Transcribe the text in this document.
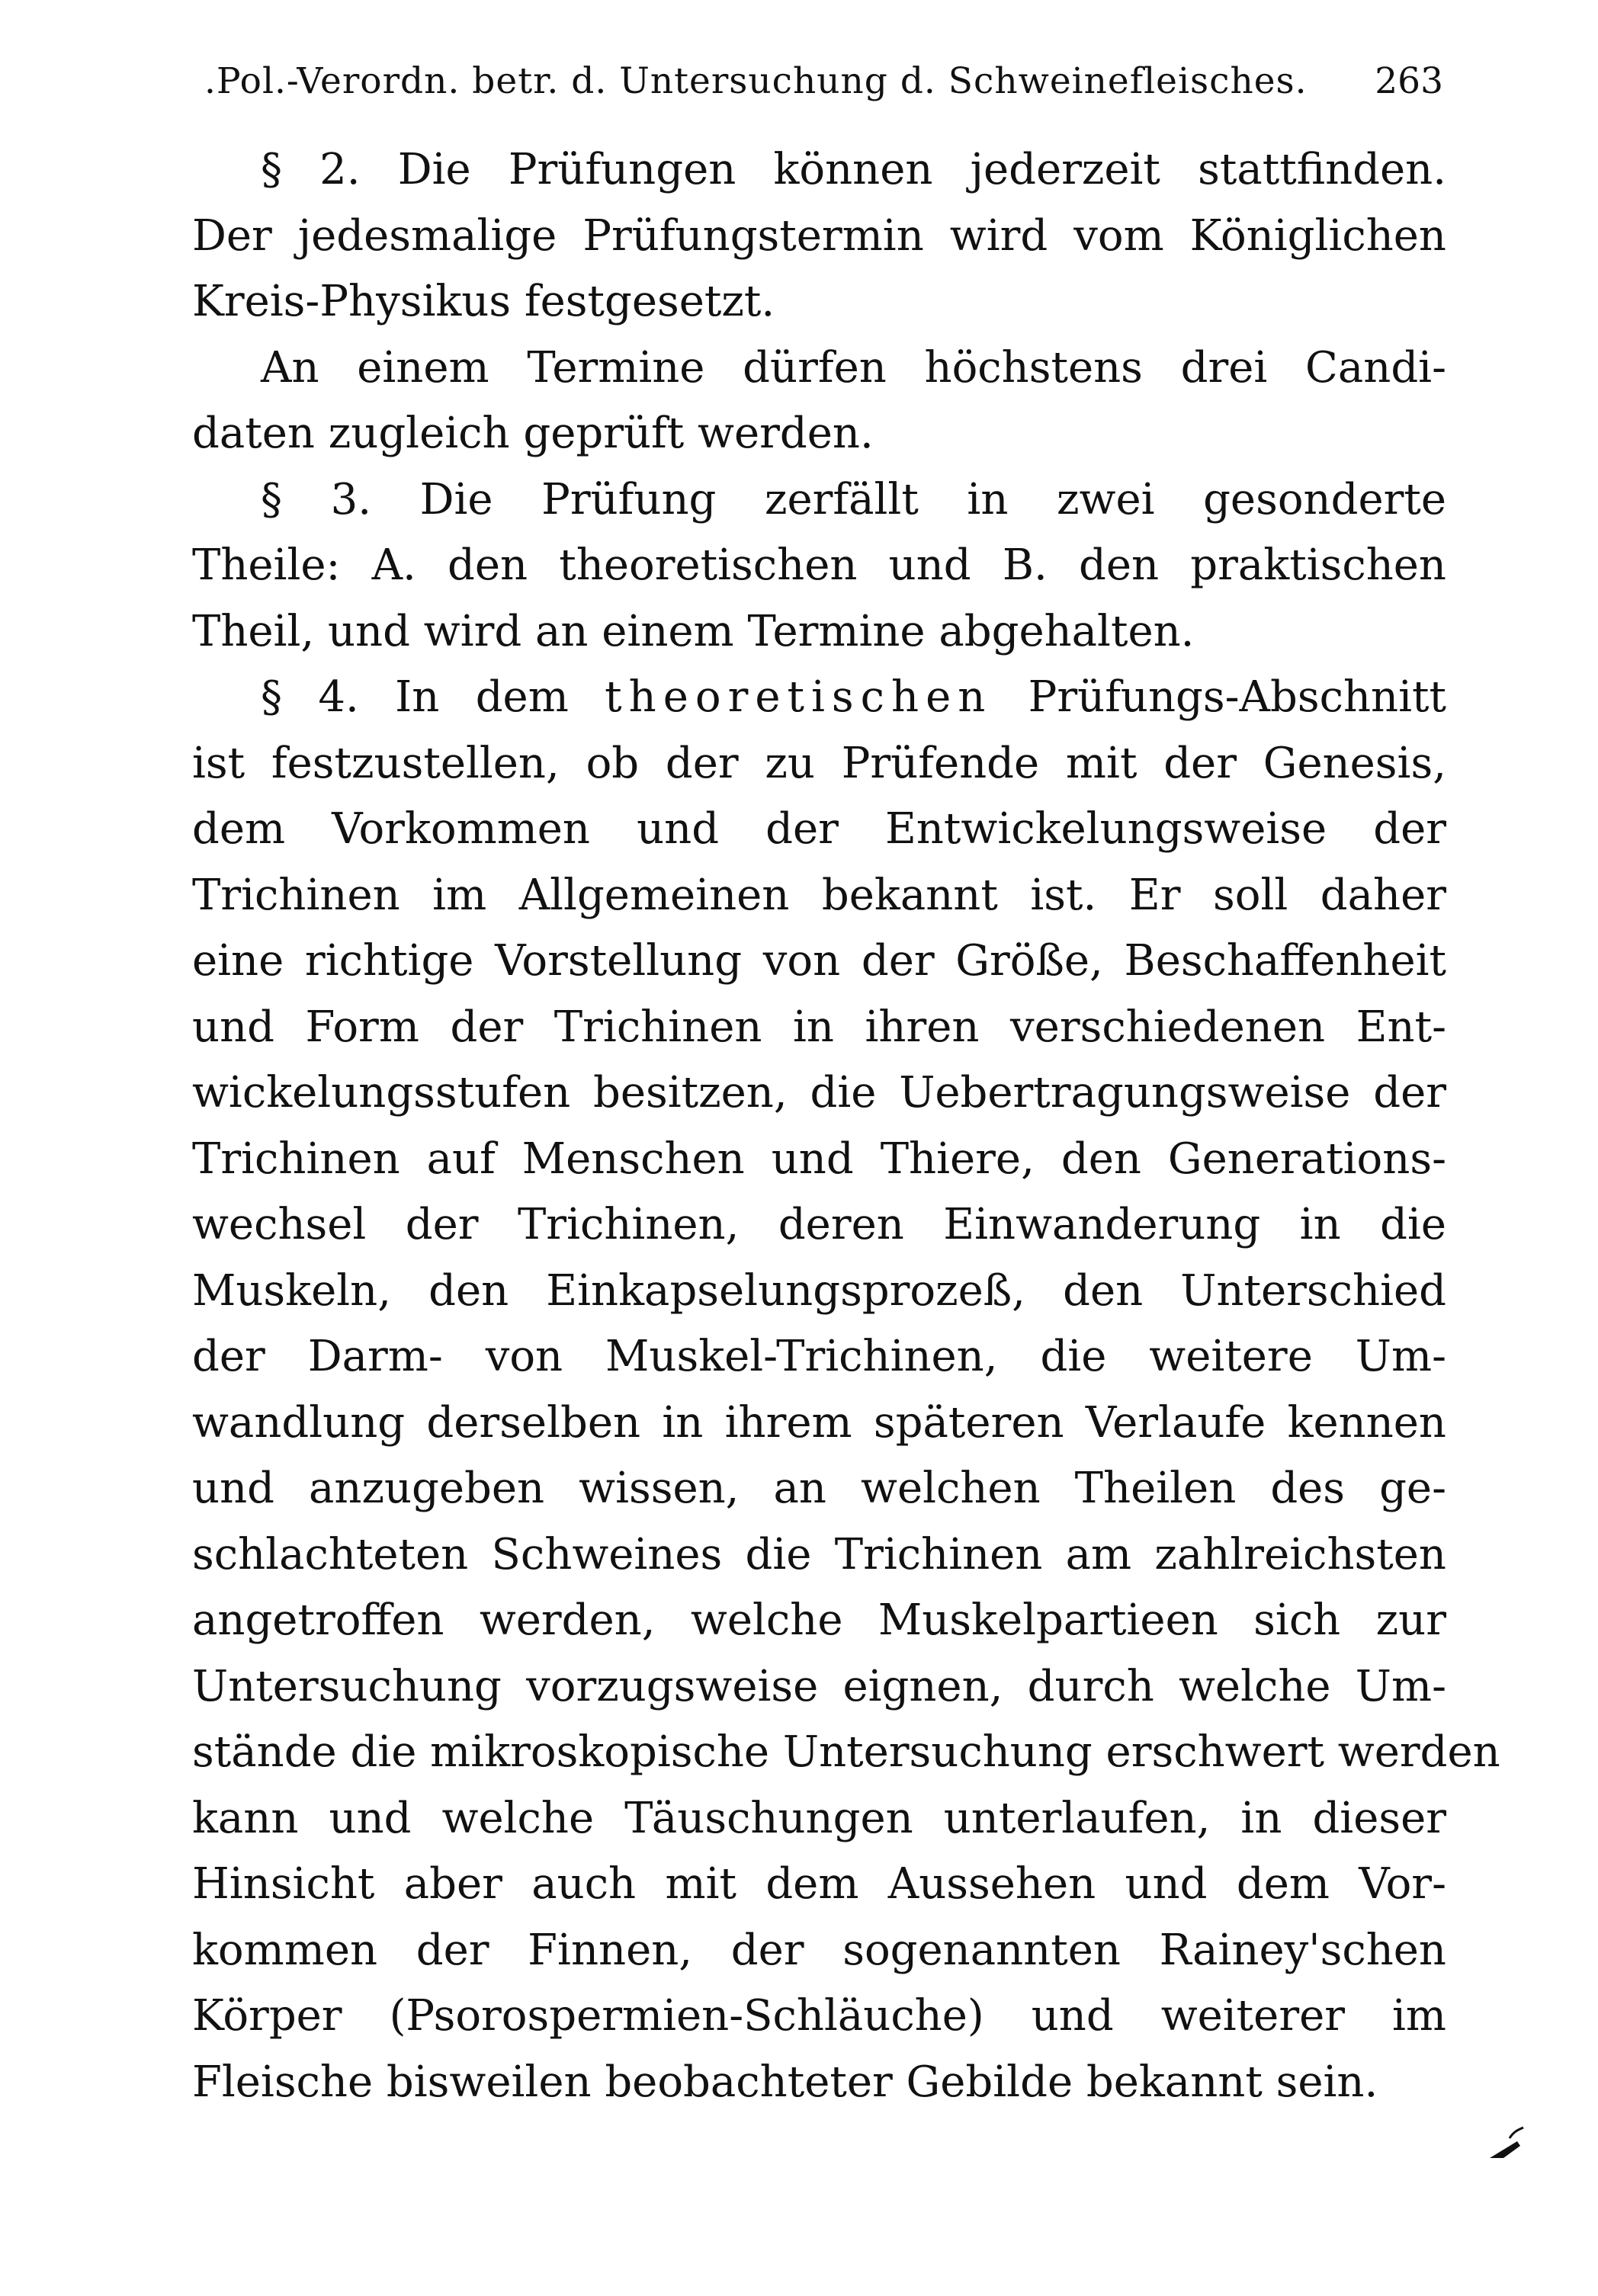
.Pol.-Verordn. betr. d. Untersuchung d. Schweinefleisches. 263
§ 2. Die Prüfungen können jederzeit stattfinden.
Der jedesmalige Prüfungstermin wird vom Königlichen
Kreis-Physikus festgesetzt.
An einem Termine dürfen höchstens drei Candi-
daten zugleich geprüft werden.
§ 3. Die Prüfung zerfällt in zwei gesonderte
Theile: A. den theoretischen und B. den praktischen
Theil, und wird an einem Termine abgehalten.
§ 4. In dem theoretischen Prüfungs-Abschnitt
ist festzustellen, ob der zu Prüfende mit der Genesis,
dem Vorkommen und der Entwickelungsweise der
Trichinen im Allgemeinen bekannt ist. Er soll daher
eine richtige Vorstellung von der Größe, Beschaffenheit
und Form der Trichinen in ihren verschiedenen Ent-
wickelungsstufen besitzen, die Uebertragungsweise der
Trichinen auf Menschen und Thiere, den Generations-
wechsel der Trichinen, deren Einwanderung in die
Muskeln, den Einkapselungsprozeß, den Unterschied
der Darm- von Muskel-Trichinen, die weitere Um-
wandlung derselben in ihrem späteren Verlaufe kennen
und anzugeben wissen, an welchen Theilen des ge-
schlachteten Schweines die Trichinen am zahlreichsten
angetroffen werden, welche Muskelpartieen sich zur
Untersuchung vorzugsweise eignen, durch welche Um-
stände die mikroskopische Untersuchung erschwert werden
kann und welche Täuschungen unterlaufen, in dieser
Hinsicht aber auch mit dem Aussehen und dem Vor-
kommen der Finnen, der sogenannten Rainey'schen
Körper (Psorospermien-Schläuche) und weiterer im
Fleische bisweilen beobachteter Gebilde bekannt sein.
